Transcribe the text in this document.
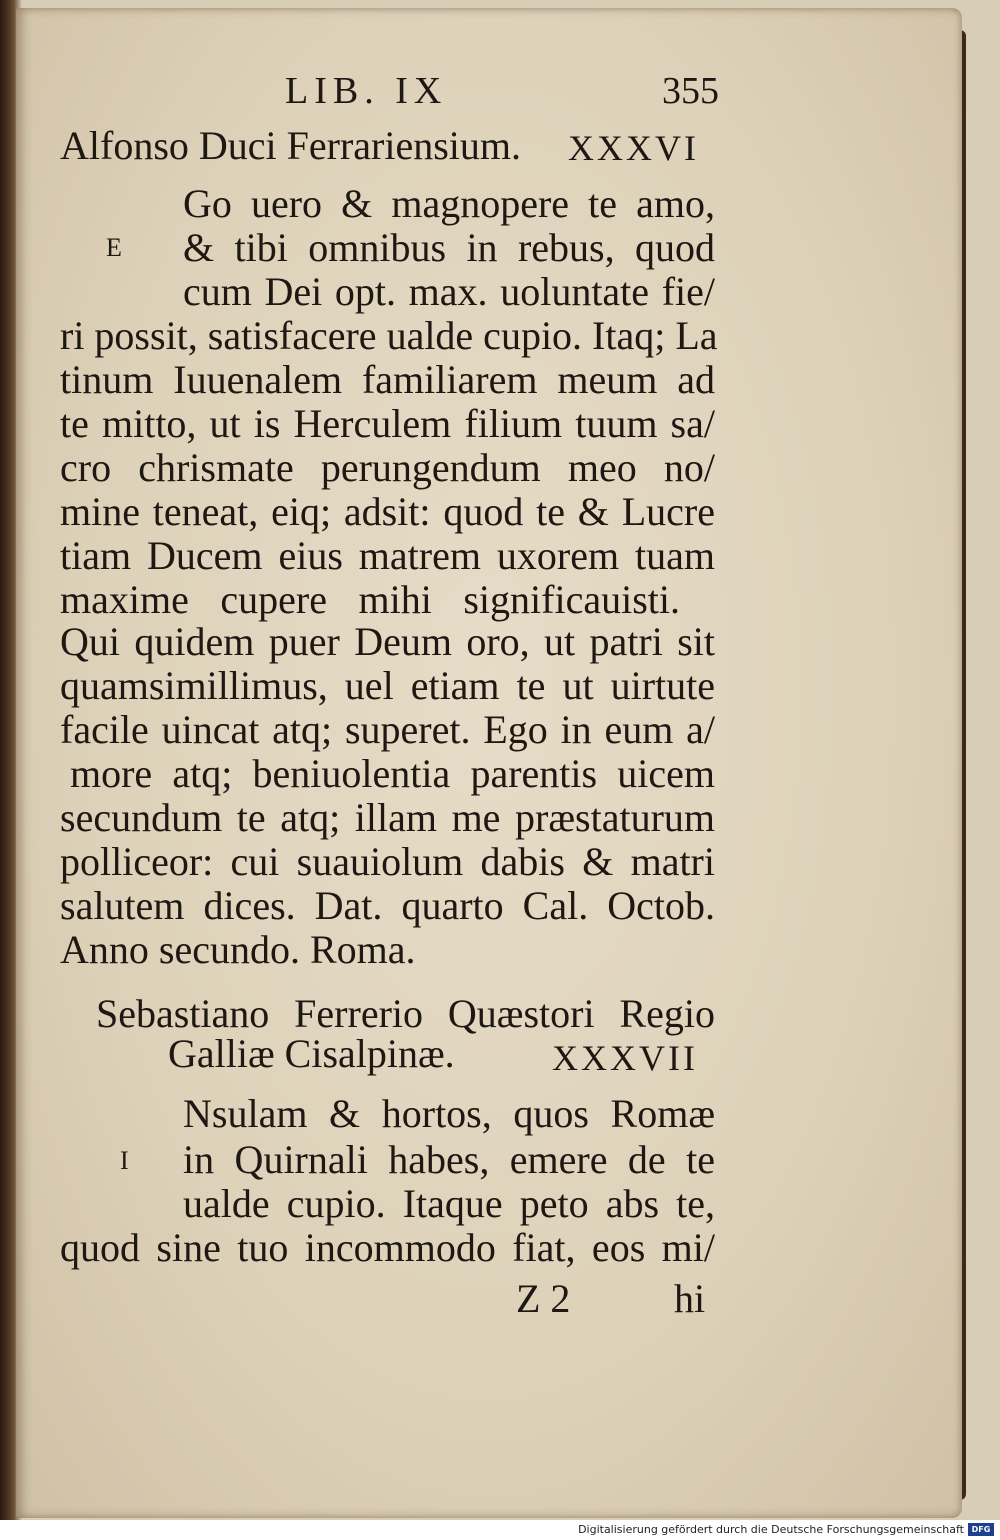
LIB. IX	355
Alfonso Duci Ferrariensium. XXXVI
E
Go uero & magnopere te amo,
& tibi omnibus in rebus, quod
cum Dei opt. max. uoluntate fie/
ri possit, satisfacere ualde cupio. Itaq; La
tinum Iuuenalem familiarem meum ad
te mitto, ut is Herculem filium tuum sa/
cro chrismate perungendum meo no/
mine teneat, eiq; adsit: quod te & Lucre
tiam Ducem eius matrem uxorem tuam
maxime cupere mihi significauisti.
Qui quidem puer Deum oro, ut patri sit
quamsimillimus, uel etiam te ut uirtute
facile uincat atq; superet. Ego in eum a/
more atq; beniuolentia parentis uicem
secundum te atq; illam me præstaturum
polliceor: cui suauiolum dabis & matri
salutem dices. Dat. quarto Cal. Octob.
Anno secundo. Roma.
Sebastiano Ferrerio Quæstori Regio
Galliæ Cisalpinæ.	XXXVII
I
Nsulam & hortos, quos Romæ
in Quirnali habes, emere de te
ualde cupio. Itaque peto abs te,
quod sine tuo incommodo fiat, eos mi/
Z 2	hi
Digitalisierung gefördert durch die Deutsche Forschungsgemeinschaft DFG
